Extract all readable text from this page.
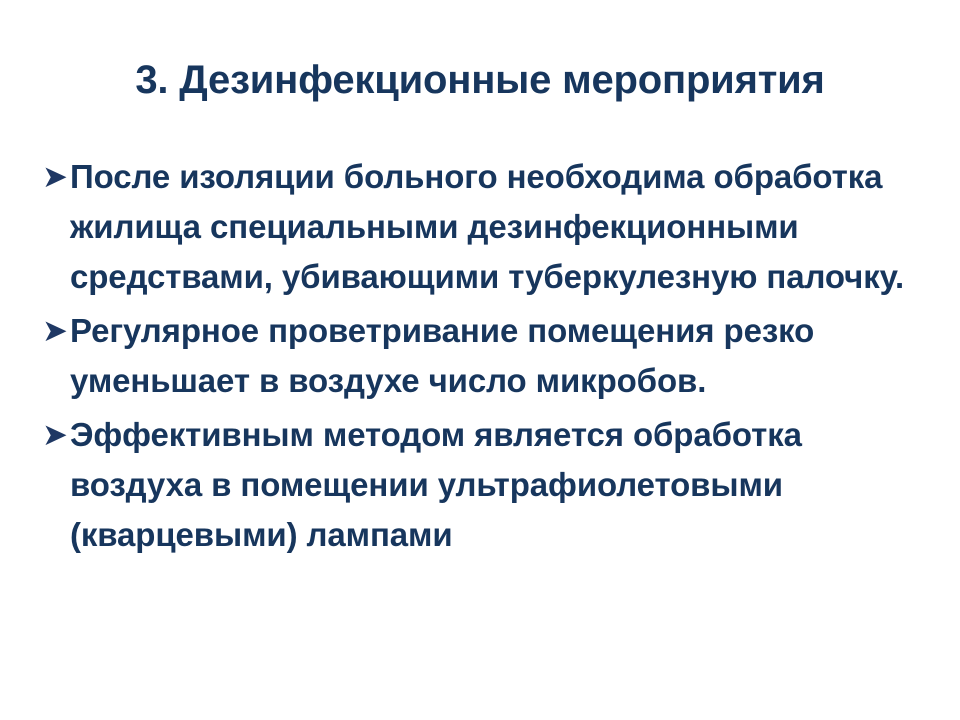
3. Дезинфекционные мероприятия
➤ После изоляции больного необходима обработка жилища специальными дезинфекционными средствами, убивающими туберкулезную палочку.
➤ Регулярное проветривание помещения резко уменьшает в воздухе число микробов.
➤ Эффективным методом является обработка воздуха в помещении ультрафиолетовыми (кварцевыми) лампами
